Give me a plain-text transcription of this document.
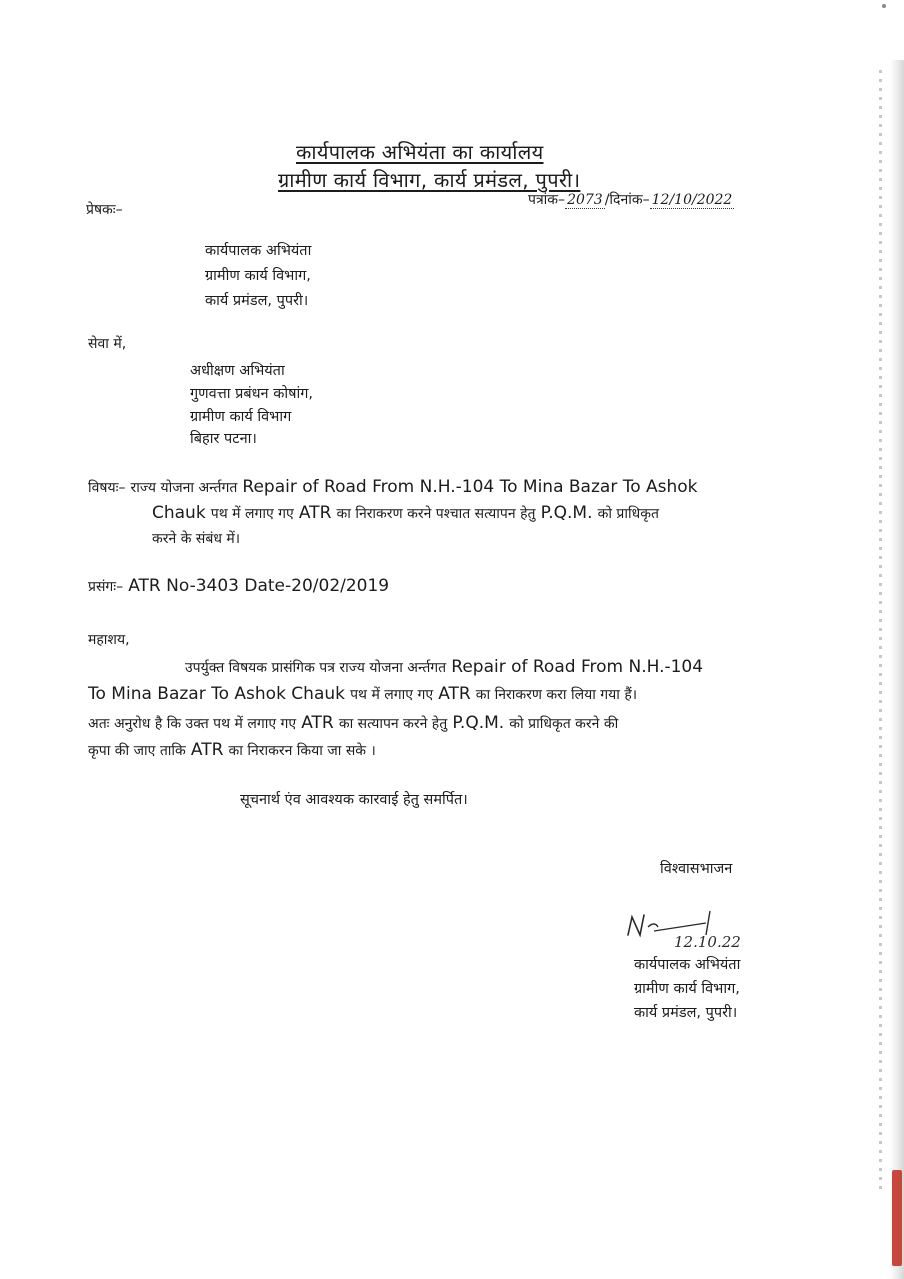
कार्यपालक अभियंता का कार्यालय
ग्रामीण कार्य विभाग, कार्य प्रमंडल, पुपरी।
प्रेषकः–
पत्रांक– 2073 /दिनांक– 12/10/2022
कार्यपालक अभियंता
ग्रामीण कार्य विभाग,
कार्य प्रमंडल, पुपरी।
सेवा में,
अधीक्षण अभियंता
गुणवत्ता प्रबंधन कोषांग,
ग्रामीण कार्य विभाग
बिहार पटना।
विषयः– राज्य योजना अर्न्तगत Repair of Road From N.H.-104 To Mina Bazar To Ashok
Chauk पथ में लगाए गए ATR का निराकरण करने पश्चात सत्यापन हेतु P.Q.M. को प्राधिकृत
करने के संबंध में।
प्रसंगः– ATR No-3403 Date-20/02/2019
महाशय,
उपर्युक्त विषयक प्रासंगिक पत्र राज्य योजना अर्न्तगत Repair of Road From N.H.-104
To Mina Bazar To Ashok Chauk पथ में लगाए गए ATR का निराकरण करा लिया गया हैं।
अतः अनुरोध है कि उक्त पथ में लगाए गए ATR का सत्यापन करने हेतु P.Q.M. को प्राधिकृत करने की
कृपा की जाए ताकि ATR का निराकरन किया जा सके ।
सूचनार्थ एंव आवश्यक कारवाई हेतु समर्पित।
विश्वासभाजन
12.10.22
कार्यपालक अभियंता
ग्रामीण कार्य विभाग,
कार्य प्रमंडल, पुपरी।
